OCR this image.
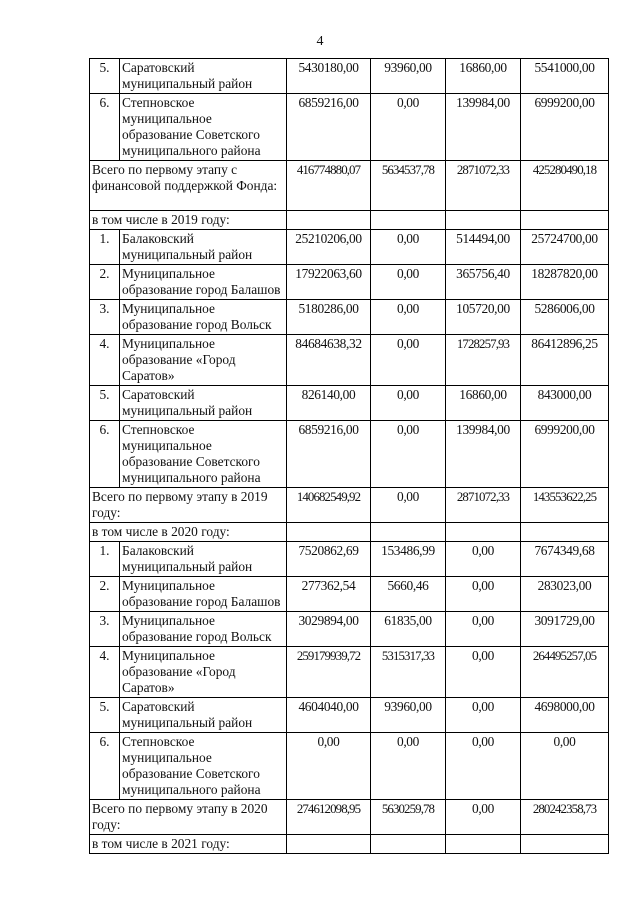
4
5.	Саратовский муниципальный район	5430180,00	93960,00	16860,00	5541000,00
6.	Степновское муниципальное образование Советского муниципального района	6859216,00	0,00	139984,00	6999200,00
Всего по первому этапу с финансовой поддержкой Фонда:		416774880,07	5634537,78	2871072,33	425280490,18
в том числе в 2019 году:					
1.	Балаковский муниципальный район	25210206,00	0,00	514494,00	25724700,00
2.	Муниципальное образование город Балашов	17922063,60	0,00	365756,40	18287820,00
3.	Муниципальное образование город Вольск	5180286,00	0,00	105720,00	5286006,00
4.	Муниципальное образование «Город Саратов»	84684638,32	0,00	1728257,93	86412896,25
5.	Саратовский муниципальный район	826140,00	0,00	16860,00	843000,00
6.	Степновское муниципальное образование Советского муниципального района	6859216,00	0,00	139984,00	6999200,00
Всего по первому этапу в 2019 году:		140682549,92	0,00	2871072,33	143553622,25
в том числе в 2020 году:					
1.	Балаковский муниципальный район	7520862,69	153486,99	0,00	7674349,68
2.	Муниципальное образование город Балашов	277362,54	5660,46	0,00	283023,00
3.	Муниципальное образование город Вольск	3029894,00	61835,00	0,00	3091729,00
4.	Муниципальное образование «Город Саратов»	259179939,72	5315317,33	0,00	264495257,05
5.	Саратовский муниципальный район	4604040,00	93960,00	0,00	4698000,00
6.	Степновское муниципальное образование Советского муниципального района	0,00	0,00	0,00	0,00
Всего по первому этапу в 2020 году:		274612098,95	5630259,78	0,00	280242358,73
в том числе в 2021 году:					
